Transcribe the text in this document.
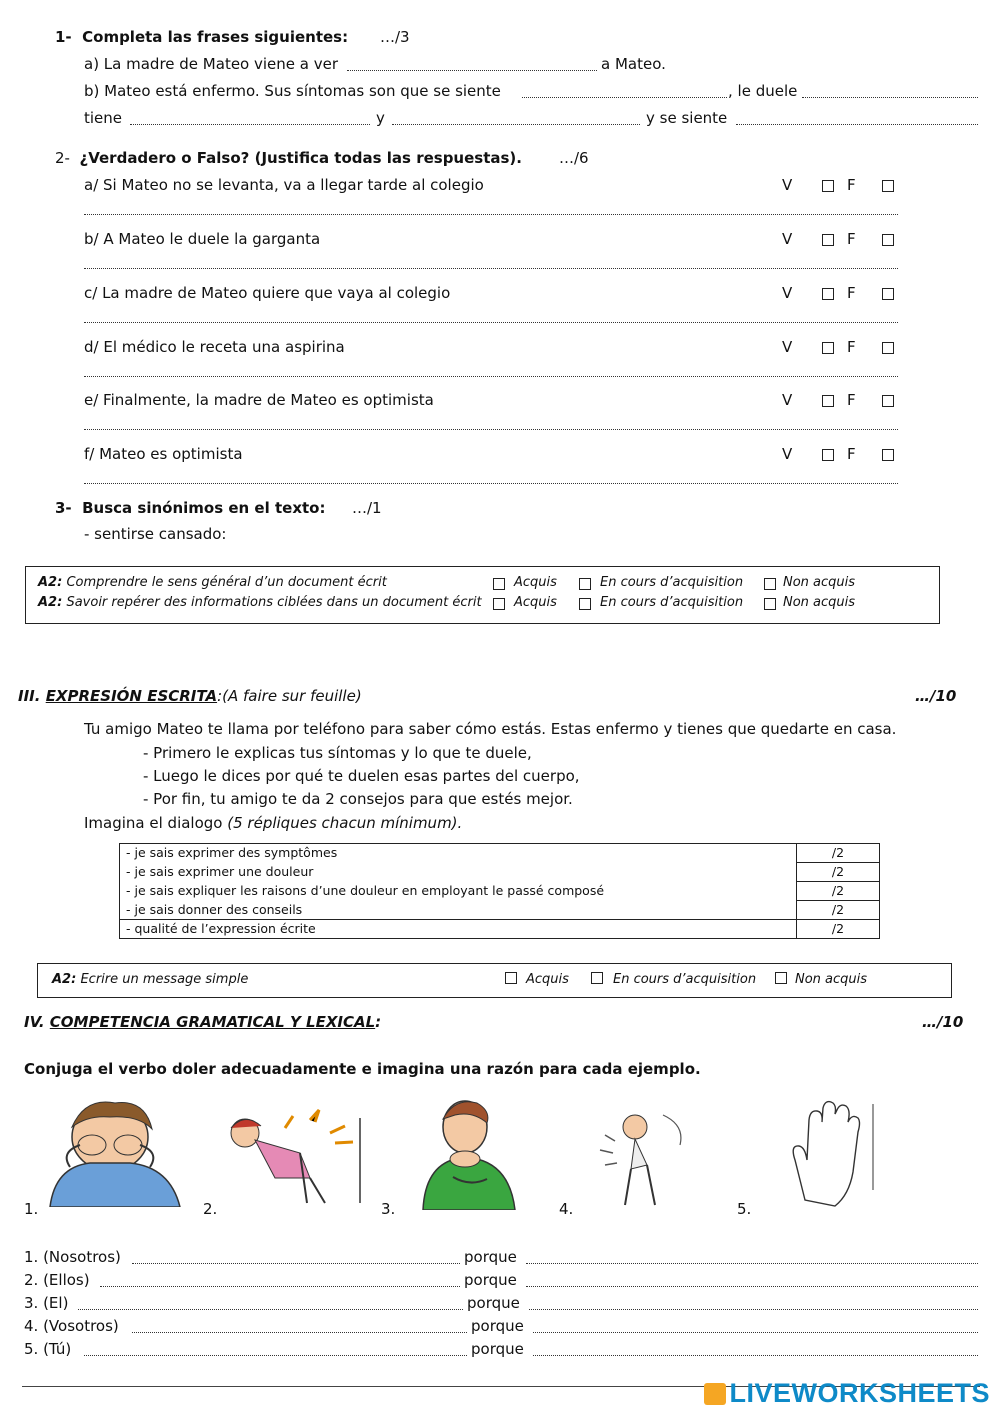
1- Completa las frases siguientes: …/3
a) La madre de Mateo viene a ver	a Mateo.
b) Mateo está enfermo. Sus síntomas son que se siente	, le duele
tiene	y	y se siente
2- ¿Verdadero o Falso? (Justifica todas las respuestas). …/6
a/ Si Mateo no se levanta, va a llegar tarde al colegio	V	F
b/ A Mateo le duele la garganta	V	F
c/ La madre de Mateo quiere que vaya al colegio	V	F
d/ El médico le receta una aspirina	V	F
e/ Finalmente, la madre de Mateo es optimista	V	F
f/ Mateo es optimista	V	F
3- Busca sinónimos en el texto: …/1
- sentirse cansado:
A2: Comprendre le sens général d’un document écrit	Acquis	En cours d’acquisition	Non acquis
A2: Savoir repérer des informations ciblées dans un document écrit Acquis	En cours d’acquisition	Non acquis
III. EXPRESIÓN ESCRITA:(A faire sur feuille)	…/10
Tu amigo Mateo te llama por teléfono para saber cómo estás. Estas enfermo y tienes que quedarte en casa.
- Primero le explicas tus síntomas y lo que te duele,
- Luego le dices por qué te duelen esas partes del cuerpo,
- Por fin, tu amigo te da 2 consejos para que estés mejor.
Imagina el dialogo (5 répliques chacun mínimum).
- je sais exprimer des symptômes	/2
- je sais exprimer une douleur	/2
- je sais expliquer les raisons d’une douleur en employant le passé composé	/2
- je sais donner des conseils	/2
- qualité de l’expression écrite	/2
A2: Ecrire un message simple	Acquis	En cours d’acquisition	Non acquis
IV. COMPETENCIA GRAMATICAL Y LEXICAL:	…/10
Conjuga el verbo doler adecuadamente e imagina una razón para cada ejemplo.
1.	2.	3.	4.	5.
1. (Nosotros)	porque
2. (Ellos)	porque
3. (El)	porque
4. (Vosotros)	porque
5. (Tú)	porque
LIVEWORKSHEETS
